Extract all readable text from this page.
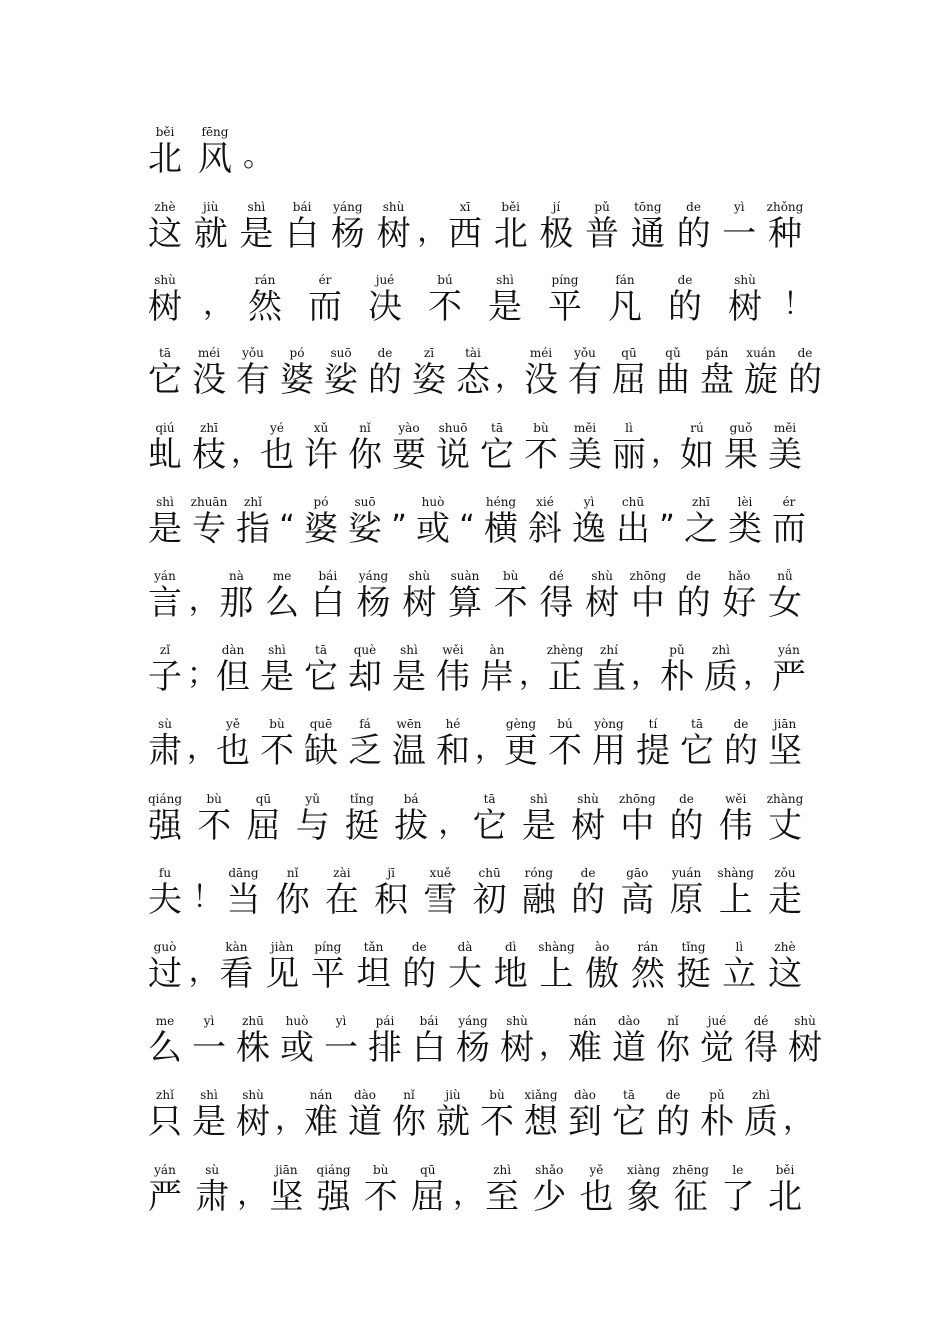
běi
北
fēng
风 。
zhè
这
jiù
就
shì
是
bái
白
yáng
杨
shù
树 ，
xī
西
běi
北
jí
极
pǔ
普
tōng
通
de
的
yì
一
zhǒng
种
shù
树 ，
rán
然
ér
而
jué
决
bú
不
shì
是
píng
平
fán
凡
de
的
shù
树 ！
tā
它
méi
没
yǒu
有
pó
婆
suō
娑
de
的
zī
姿
tài
态 ，
méi
没
yǒu
有
qū
屈
qǔ
曲
pán
盘
xuán
旋
de
的
qiú
虬
zhī
枝 ，
yé
也
xǔ
许
nǐ
你
yào
要
shuō
说
tā
它
bù
不
měi
美
lì
丽 ，
rú
如
guǒ
果
měi
美
shì
是
zhuān
专
zhǐ
指 “
pó
婆
suō
娑 ”
huò
或 “
héng
横
xié
斜
yì
逸
chū
出 ”
zhī
之
lèi
类
ér
而
yán
言 ，
nà
那
me
么
bái
白
yáng
杨
shù
树
suàn
算
bù
不
dé
得
shù
树
zhōng
中
de
的
hǎo
好
nǚ
女
zǐ
子 ；
dàn
但
shì
是
tā
它
què
却
shì
是
wěi
伟
àn
岸 ，
zhèng
正
zhí
直 ，
pǔ
朴
zhì
质 ，
yán
严
sù
肃 ，
yě
也
bù
不
quē
缺
fá
乏
wēn
温
hé
和 ，
gèng
更
bú
不
yòng
用
tí
提
tā
它
de
的
jiān
坚
qiáng
强
bù
不
qū
屈
yǔ
与
tǐng
挺
bá
拔 ，
tā
它
shì
是
shù
树
zhōng
中
de
的
wěi
伟
zhàng
丈
fu
夫 ！
dāng
当
nǐ
你
zài
在
jī
积
xuě
雪
chū
初
róng
融
de
的
gāo
高
yuán
原
shàng
上
zǒu
走
guò
过 ，
kàn
看
jiàn
见
píng
平
tǎn
坦
de
的
dà
大
dì
地
shàng
上
ào
傲
rán
然
tǐng
挺
lì
立
zhè
这
me
么
yì
一
zhū
株
huò
或
yì
一
pái
排
bái
白
yáng
杨
shù
树 ，
nán
难
dào
道
nǐ
你
jué
觉
dé
得
shù
树
zhǐ
只
shì
是
shù
树 ，
nán
难
dào
道
nǐ
你
jiù
就
bù
不
xiǎng
想
dào
到
tā
它
de
的
pǔ
朴
zhì
质 ，
yán
严
sù
肃 ，
jiān
坚
qiáng
强
bù
不
qū
屈 ，
zhì
至
shǎo
少
yě
也
xiàng
象
zhēng
征
le
了
běi
北
